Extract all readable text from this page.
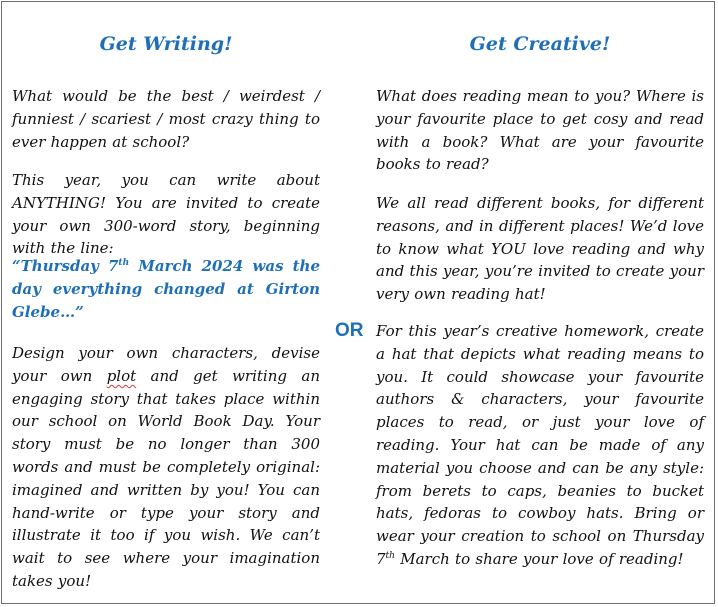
Get Writing!

What would be the best / weirdest / funniest / scariest / most crazy thing to ever happen at school?

This year, you can write about ANYTHING! You are invited to create your own 300-word story, beginning with the line:

“Thursday 7th March 2024 was the day everything changed at Girton Glebe…”

Design your own characters, devise your own plot and get writing an engaging story that takes place within our school on World Book Day. Your story must be no longer than 300 words and must be completely original: imagined and written by you! You can hand-write or type your story and illustrate it too if you wish. We can’t wait to see where your imagination takes you!

OR
Get Creative!

What does reading mean to you? Where is your favourite place to get cosy and read with a book? What are your favourite books to read?

We all read different books, for different reasons, and in different places! We’d love to know what YOU love reading and why and this year, you’re invited to create your very own reading hat!

For this year’s creative homework, create a hat that depicts what reading means to you. It could showcase your favourite authors & characters, your favourite places to read, or just your love of reading. Your hat can be made of any material you choose and can be any style: from berets to caps, beanies to bucket hats, fedoras to cowboy hats. Bring or wear your creation to school on Thursday 7th March to share your love of reading!
